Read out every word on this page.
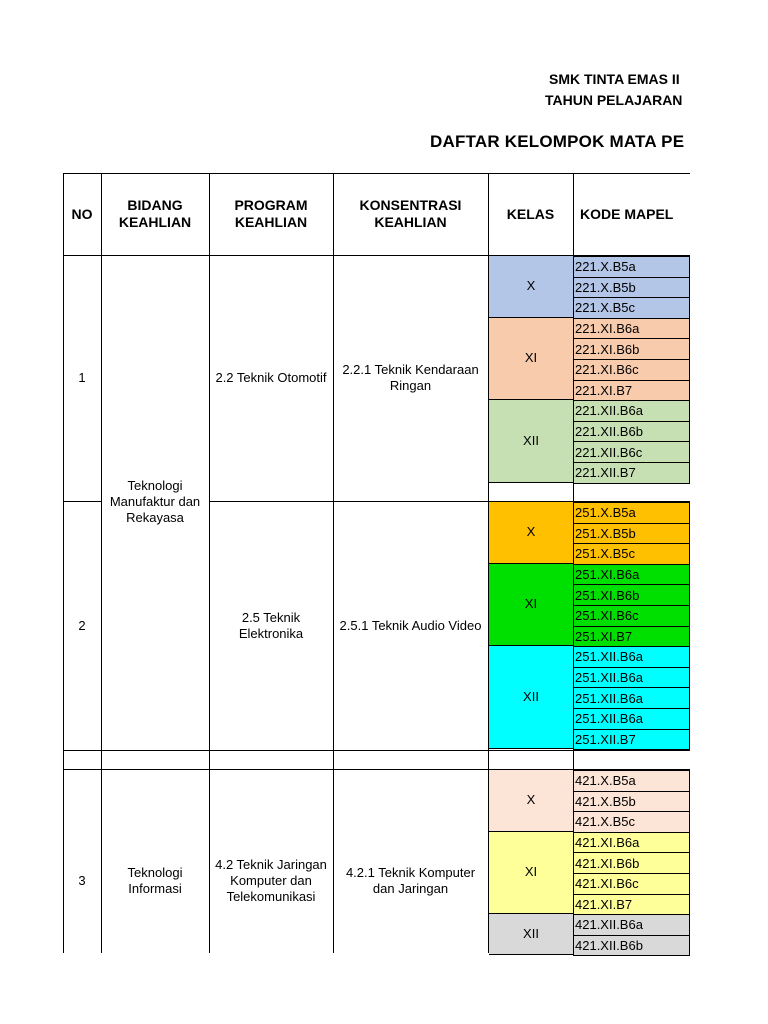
SMK TINTA EMAS II
TAHUN PELAJARAN
DAFTAR KELOMPOK MATA PE
NO
BIDANG KEAHLIAN
PROGRAM KEAHLIAN
KONSENTRASI KEAHLIAN
KELAS	KODE MAPEL
1	2.2 Teknik Otomotif
2.2.1 Teknik Kendaraan Ringan
Teknologi Manufaktur dan Rekayasa
2
2.5 Teknik Elektronika
2.5.1 Teknik Audio Video
3
Teknologi Informasi
4.2 Teknik Jaringan Komputer dan Telekomunikasi
4.2.1 Teknik Komputer dan Jaringan
X
221.X.B5a
221.X.B5b
221.X.B5c
XI
221.XI.B6a
221.XI.B6b
221.XI.B6c
221.XI.B7
XII
221.XII.B6a
221.XII.B6b
221.XII.B6c
221.XII.B7
X
251.X.B5a
251.X.B5b
251.X.B5c
XI
251.XI.B6a
251.XI.B6b
251.XI.B6c
251.XI.B7
XII
251.XII.B6a
251.XII.B6a
251.XII.B6a
251.XII.B6a
251.XII.B7
X
421.X.B5a
421.X.B5b
421.X.B5c
XI
421.XI.B6a
421.XI.B6b
421.XI.B6c
421.XI.B7
XII
421.XII.B6a
421.XII.B6b
